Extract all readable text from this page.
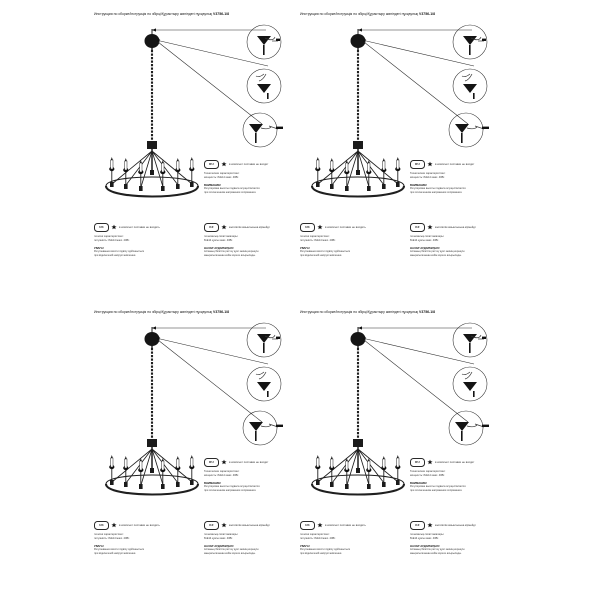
Инструкция по сборке/Інструкція по збірці/Құрастыру жөніндегі нұсқаулық V3756-1/8
RU	в комплект поставки не входит
Технические характеристики:
мощность: 8хE14 макс. 40Вт.
ВНИМАНИЕ!
Регулировка высоты подвеса осуществляется
при отключенном напряжении сопряжения.
UK	в комплект поставки не входить
технічні характеристики:
потужність: 8хE14 макс. 40Вт.
УВАГА!
Регулювання висоти підвісу здійснюється
при відключеній напрузі живлення.
KZ	жеткізілім жиынтығына кірмейді
техникалық сипаттамалары:
8хE14 қуаты макс. 40Вт.
НАЗАР АУДАРЫҢЫЗ!
Аспаның биіктігін реттеу қуат көзінің кернеуін
ажыратылғаннан кейін жүзеге асырылады.
Инструкция по сборке/Інструкція по збірці/Құрастыру жөніндегі нұсқаулық V3756-1/8
RU	в комплект поставки не входит
Технические характеристики:
мощность: 8хE14 макс. 40Вт.
ВНИМАНИЕ!
Регулировка высоты подвеса осуществляется
при отключенном напряжении сопряжения.
UK	в комплект поставки не входить
технічні характеристики:
потужність: 8хE14 макс. 40Вт.
УВАГА!
Регулювання висоти підвісу здійснюється
при відключеній напрузі живлення.
KZ	жеткізілім жиынтығына кірмейді
техникалық сипаттамалары:
8хE14 қуаты макс. 40Вт.
НАЗАР АУДАРЫҢЫЗ!
Аспаның биіктігін реттеу қуат көзінің кернеуін
ажыратылғаннан кейін жүзеге асырылады.
Инструкция по сборке/Інструкція по збірці/Құрастыру жөніндегі нұсқаулық V3756-1/8
RU	в комплект поставки не входит
Технические характеристики:
мощность: 8хE14 макс. 40Вт.
ВНИМАНИЕ!
Регулировка высоты подвеса осуществляется
при отключенном напряжении сопряжения.
UK	в комплект поставки не входить
технічні характеристики:
потужність: 8хE14 макс. 40Вт.
УВАГА!
Регулювання висоти підвісу здійснюється
при відключеній напрузі живлення.
KZ	жеткізілім жиынтығына кірмейді
техникалық сипаттамалары:
8хE14 қуаты макс. 40Вт.
НАЗАР АУДАРЫҢЫЗ!
Аспаның биіктігін реттеу қуат көзінің кернеуін
ажыратылғаннан кейін жүзеге асырылады.
Инструкция по сборке/Інструкція по збірці/Құрастыру жөніндегі нұсқаулық V3756-1/8
RU	в комплект поставки не входит
Технические характеристики:
мощность: 8хE14 макс. 40Вт.
ВНИМАНИЕ!
Регулировка высоты подвеса осуществляется
при отключенном напряжении сопряжения.
UK	в комплект поставки не входить
технічні характеристики:
потужність: 8хE14 макс. 40Вт.
УВАГА!
Регулювання висоти підвісу здійснюється
при відключеній напрузі живлення.
KZ	жеткізілім жиынтығына кірмейді
техникалық сипаттамалары:
8хE14 қуаты макс. 40Вт.
НАЗАР АУДАРЫҢЫЗ!
Аспаның биіктігін реттеу қуат көзінің кернеуін
ажыратылғаннан кейін жүзеге асырылады.
